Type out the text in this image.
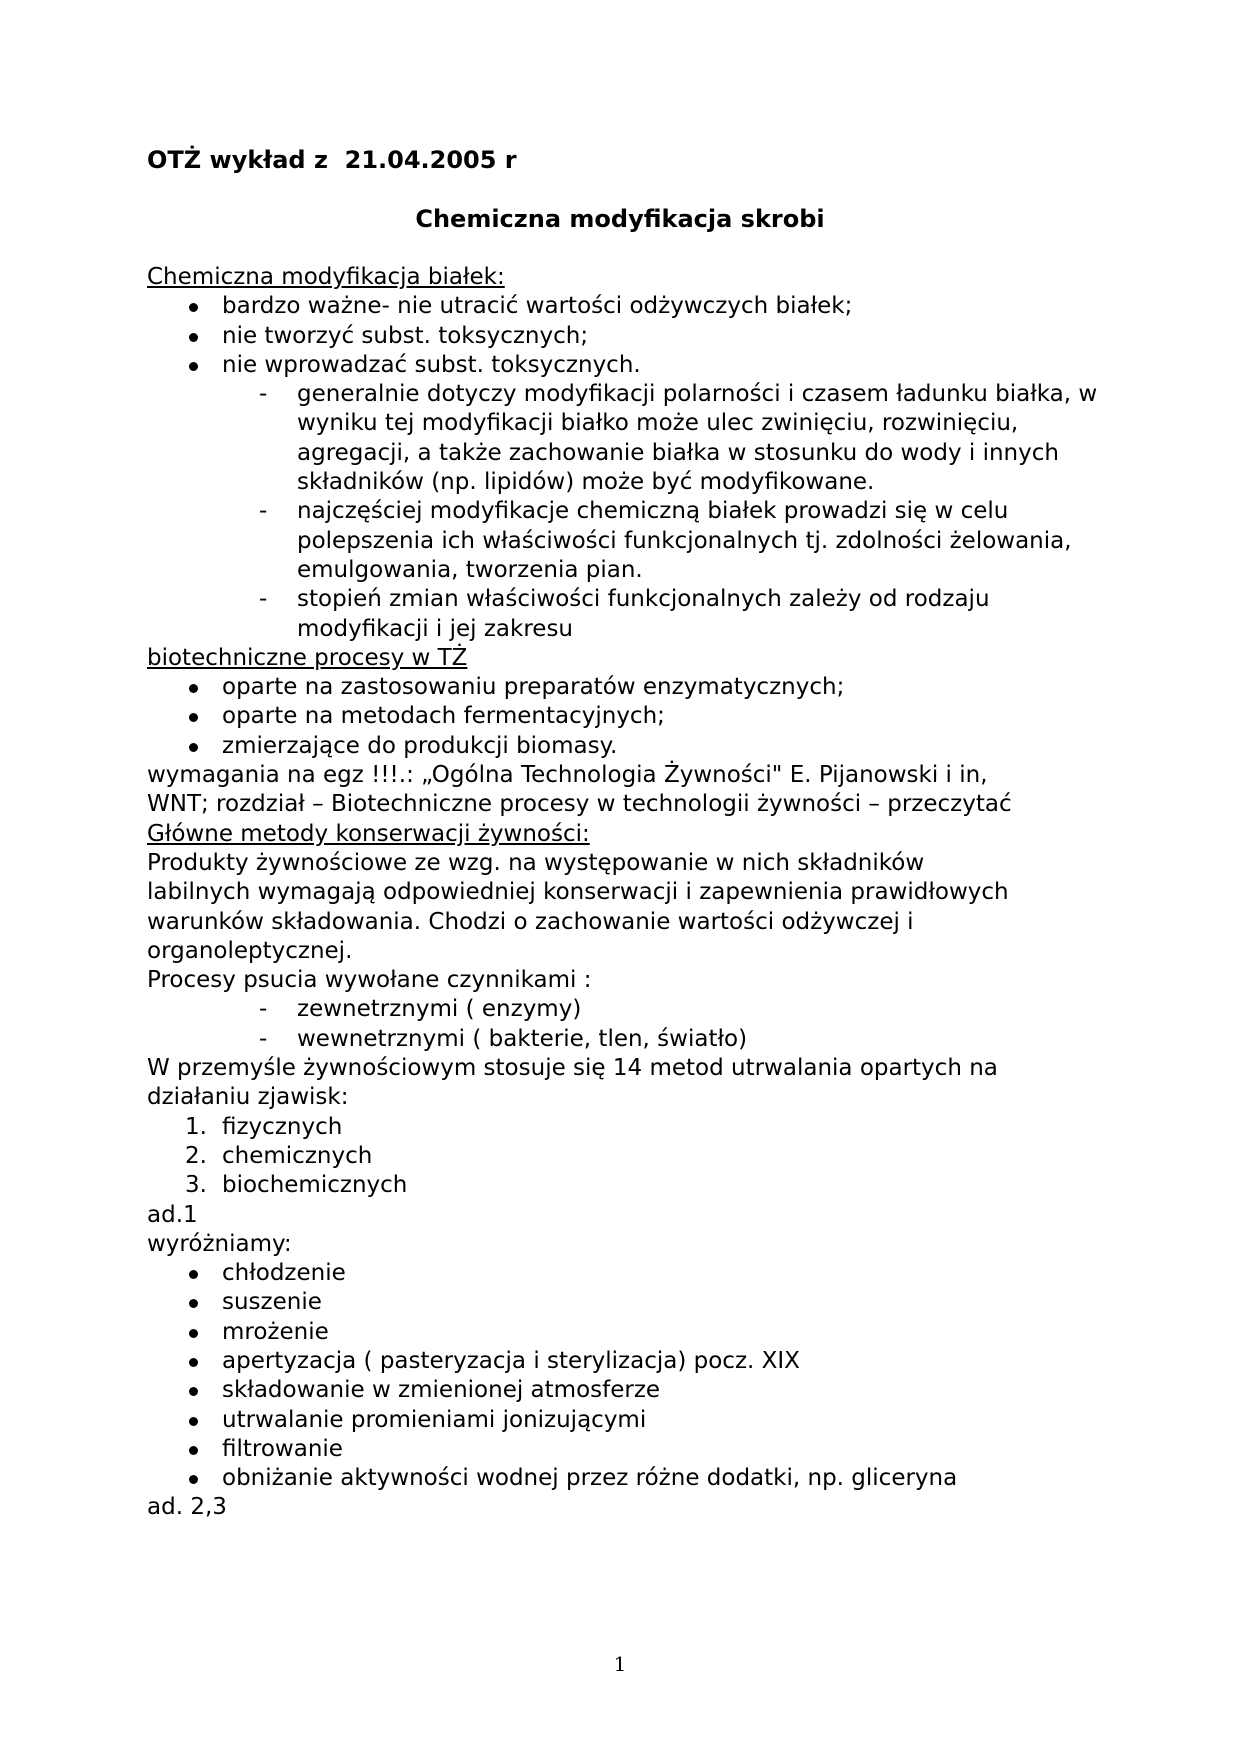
OTŻ wykład z  21.04.2005 r
Chemiczna modyfikacja skrobi
Chemiczna modyfikacja białek:
bardzo ważne- nie utracić wartości odżywczych białek;
nie tworzyć subst. toksycznych;
nie wprowadzać subst. toksycznych.
- generalnie dotyczy modyfikacji polarności i czasem ładunku białka, w wyniku tej modyfikacji białko może ulec zwinięciu, rozwinięciu, agregacji, a także zachowanie białka w stosunku do wody i innych składników (np. lipidów) może być modyfikowane.
- najczęściej modyfikacje chemiczną białek prowadzi się w celu polepszenia ich właściwości funkcjonalnych tj. zdolności żelowania, emulgowania, tworzenia pian.
- stopień zmian właściwości funkcjonalnych zależy od rodzaju modyfikacji i jej zakresu
biotechniczne procesy w TŻ
oparte na zastosowaniu preparatów enzymatycznych;
oparte na metodach fermentacyjnych;
zmierzające do produkcji biomasy.
wymagania na egz !!!.: „Ogólna Technologia Żywności" E. Pijanowski i in,
WNT; rozdział – Biotechniczne procesy w technologii żywności – przeczytać
Główne metody konserwacji żywności:
Produkty żywnościowe ze wzg. na występowanie w nich składników
labilnych wymagają odpowiedniej konserwacji i zapewnienia prawidłowych
warunków składowania. Chodzi o zachowanie wartości odżywczej i
organoleptycznej.
Procesy psucia wywołane czynnikami :
- zewnetrznymi ( enzymy)
- wewnetrznymi ( bakterie, tlen, światło)
W przemyśle żywnościowym stosuje się 14 metod utrwalania opartych na
działaniu zjawisk:
1. fizycznych
2. chemicznych
3. biochemicznych
ad.1
wyróżniamy:
chłodzenie
suszenie
mrożenie
apertyzacja ( pasteryzacja i sterylizacja) pocz. XIX
składowanie w zmienionej atmosferze
utrwalanie promieniami jonizującymi
filtrowanie
obniżanie aktywności wodnej przez różne dodatki, np. gliceryna
ad. 2,3
1
